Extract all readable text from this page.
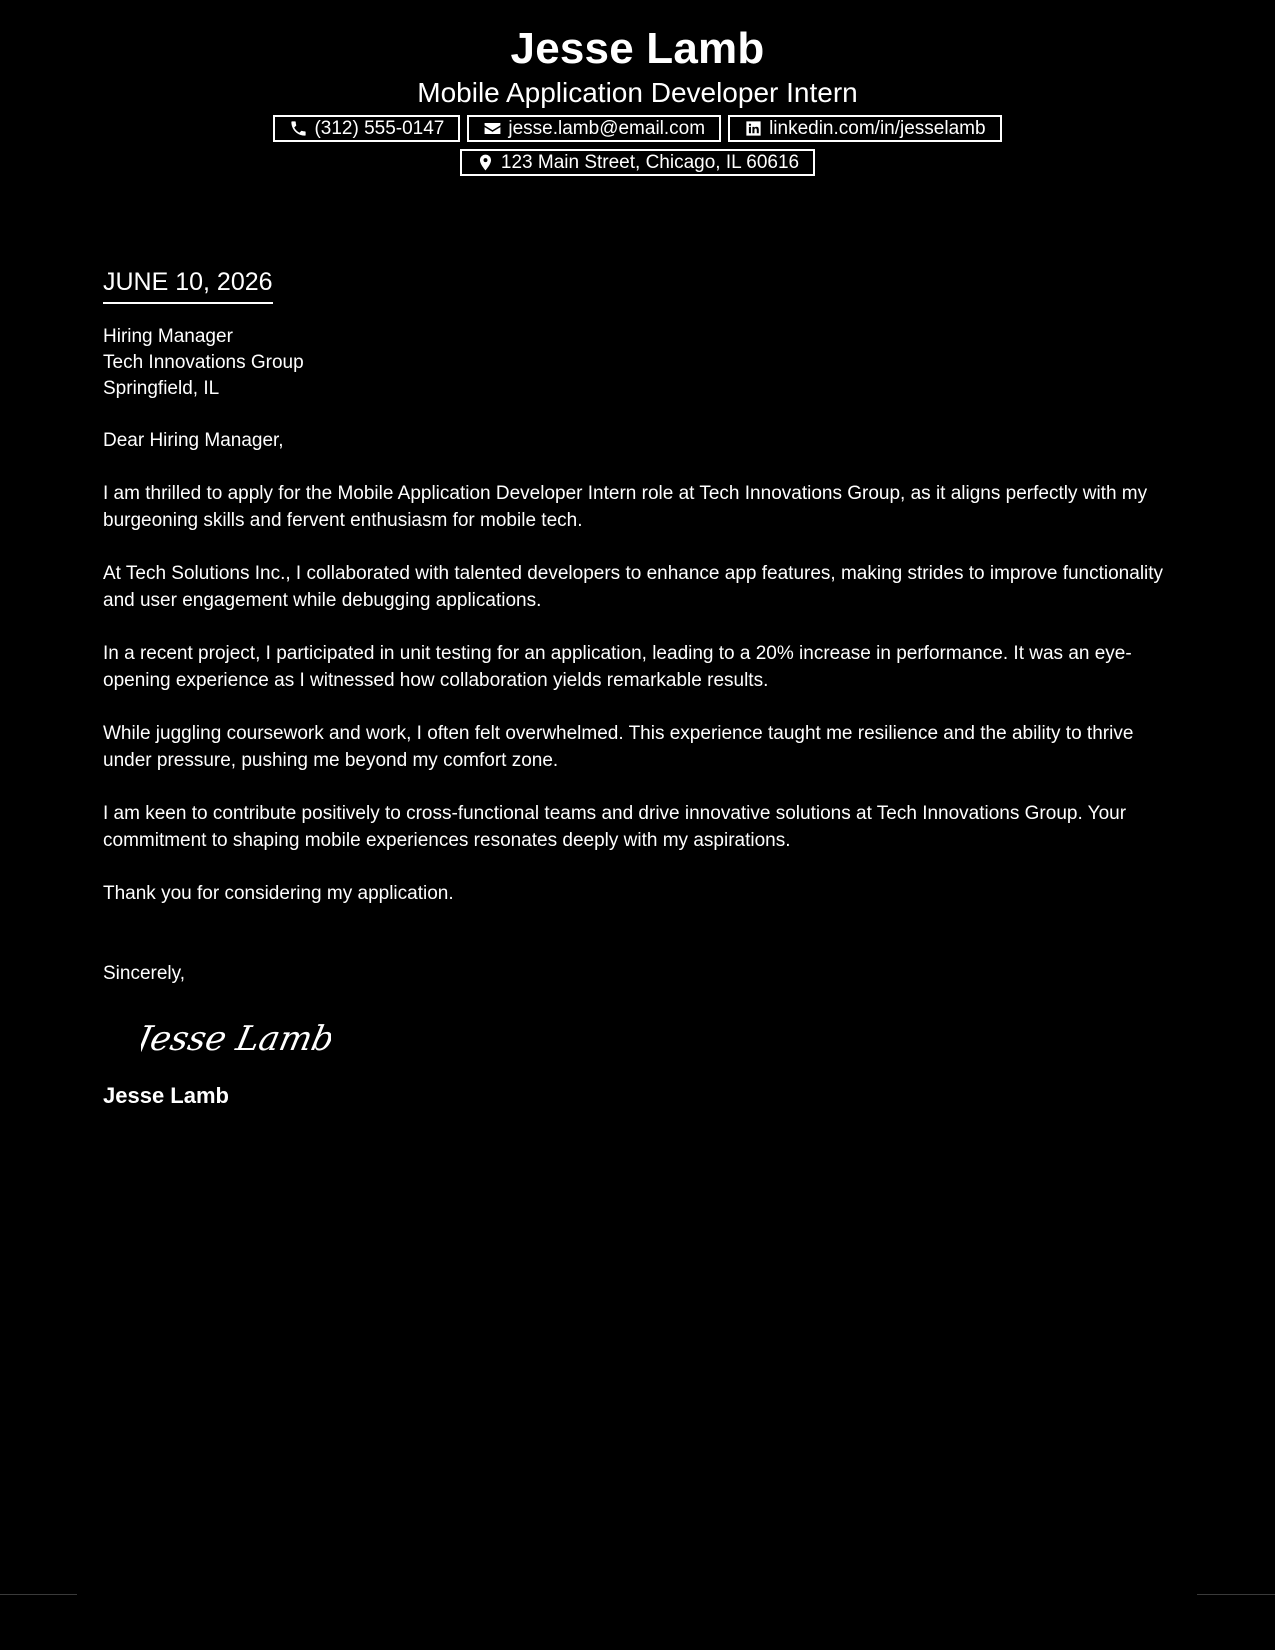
Jesse Lamb
Mobile Application Developer Intern
(312) 555-0147	jesse.lamb@email.com	linkedin.com/in/jesselamb
123 Main Street, Chicago, IL 60616
JUNE 10, 2026
Hiring Manager
Tech Innovations Group
Springfield, IL
Dear Hiring Manager,
I am thrilled to apply for the Mobile Application Developer Intern role at Tech Innovations Group, as it aligns perfectly with my burgeoning skills and fervent enthusiasm for mobile tech.
At Tech Solutions Inc., I collaborated with talented developers to enhance app features, making strides to improve functionality and user engagement while debugging applications.
In a recent project, I participated in unit testing for an application, leading to a 20% increase in performance. It was an eye-opening experience as I witnessed how collaboration yields remarkable results.
While juggling coursework and work, I often felt overwhelmed. This experience taught me resilience and the ability to thrive under pressure, pushing me beyond my comfort zone.
I am keen to contribute positively to cross-functional teams and drive innovative solutions at Tech Innovations Group. Your commitment to shaping mobile experiences resonates deeply with my aspirations.
Thank you for considering my application.
Sincerely,
Jesse Lamb
Jesse Lamb
